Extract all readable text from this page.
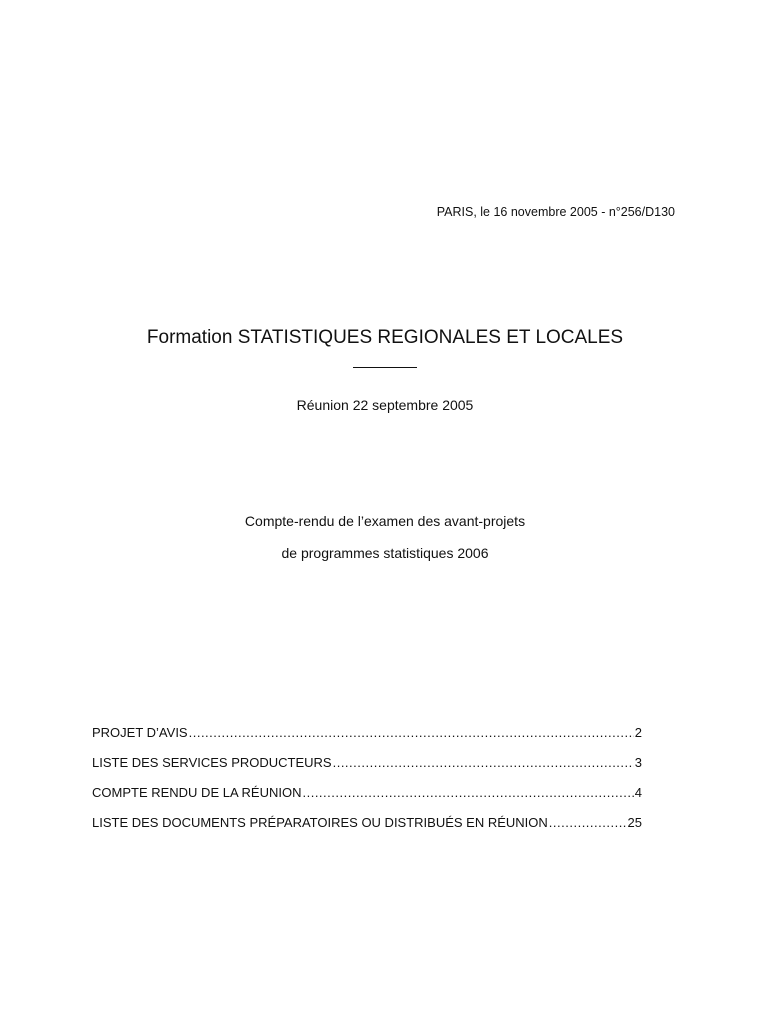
PARIS, le 16 novembre 2005 - n°256/D130
Formation STATISTIQUES REGIONALES ET LOCALES
Réunion 22 septembre 2005
Compte-rendu de l’examen des avant-projets
de programmes statistiques 2006
PROJET D’AVIS .....	2
LISTE DES SERVICES PRODUCTEURS .....	3
COMPTE RENDU DE LA RÉUNION .....	4
LISTE DES DOCUMENTS PRÉPARATOIRES OU DISTRIBUÉS EN RÉUNION .....	25
